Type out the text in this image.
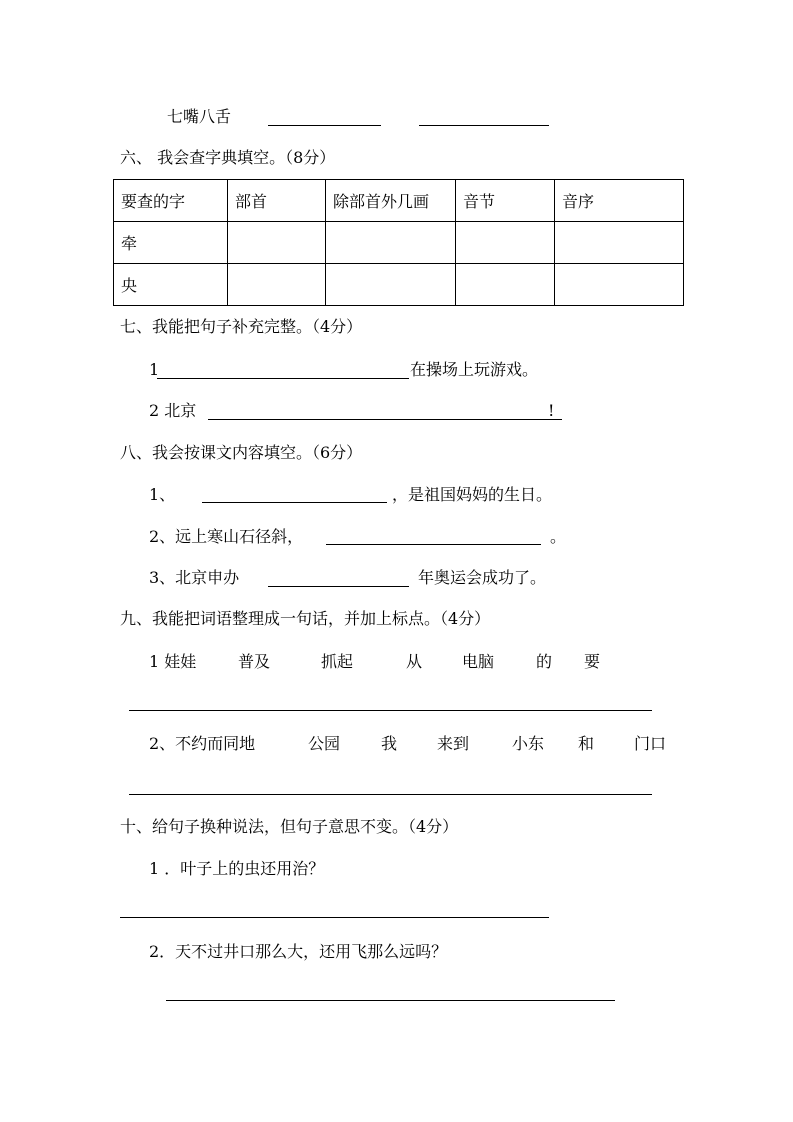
七嘴八舌
六、 我会查字典填空。（8分）
要查的字	部首	除部首外几画	音节	音序
牵				
央				
七、我能把句子补充完整。（4分）
1	在操场上玩游戏。
2 北京	!
八、我会按课文内容填空。（6分）
1、	，是祖国妈妈的生日。
2、远上寒山石径斜，	。
3、北京申办	年奥运会成功了。
九、我能把词语整理成一句话，并加上标点。（4分）
1 娃娃	普及	抓起	从 电脑	的 要
2、不约而同地	公园	我 来到	小东 和 门口
十、给句子换种说法，但句子意思不变。（4分）
1 ．叶子上的虫还用治？
2．天不过井口那么大，还用飞那么远吗？
